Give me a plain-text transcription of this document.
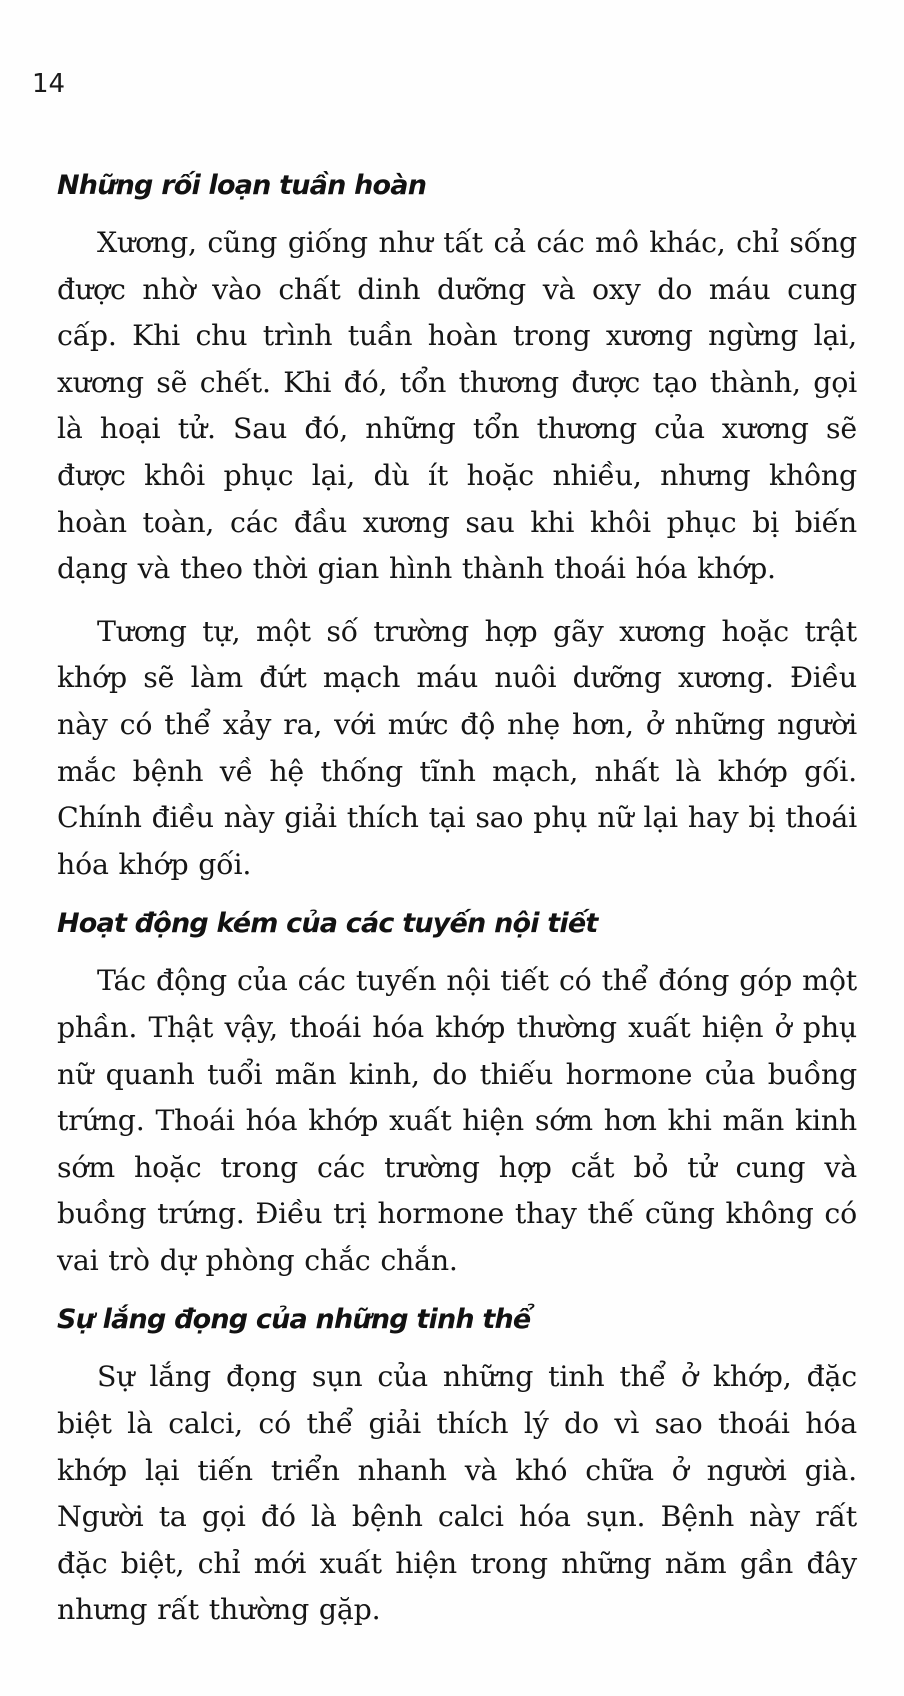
14
Những rối loạn tuần hoàn

Xương, cũng giống như tất cả các mô khác, chỉ sống được nhờ vào chất dinh dưỡng và oxy do máu cung cấp. Khi chu trình tuần hoàn trong xương ngừng lại, xương sẽ chết. Khi đó, tổn thương được tạo thành, gọi là hoại tử. Sau đó, những tổn thương của xương sẽ được khôi phục lại, dù ít hoặc nhiều, nhưng không hoàn toàn, các đầu xương sau khi khôi phục bị biến dạng và theo thời gian hình thành thoái hóa khớp.

Tương tự, một số trường hợp gãy xương hoặc trật khớp sẽ làm đứt mạch máu nuôi dưỡng xương. Điều này có thể xảy ra, với mức độ nhẹ hơn, ở những người mắc bệnh về hệ thống tĩnh mạch, nhất là khớp gối. Chính điều này giải thích tại sao phụ nữ lại hay bị thoái hóa khớp gối.

Hoạt động kém của các tuyến nội tiết

Tác động của các tuyến nội tiết có thể đóng góp một phần. Thật vậy, thoái hóa khớp thường xuất hiện ở phụ nữ quanh tuổi mãn kinh, do thiếu hormone của buồng trứng. Thoái hóa khớp xuất hiện sớm hơn khi mãn kinh sớm hoặc trong các trường hợp cắt bỏ tử cung và buồng trứng. Điều trị hormone thay thế cũng không có vai trò dự phòng chắc chắn.

Sự lắng đọng của những tinh thể

Sự lắng đọng sụn của những tinh thể ở khớp, đặc biệt là calci, có thể giải thích lý do vì sao thoái hóa khớp lại tiến triển nhanh và khó chữa ở người già. Người ta gọi đó là bệnh calci hóa sụn. Bệnh này rất đặc biệt, chỉ mới xuất hiện trong những năm gần đây nhưng rất thường gặp.
